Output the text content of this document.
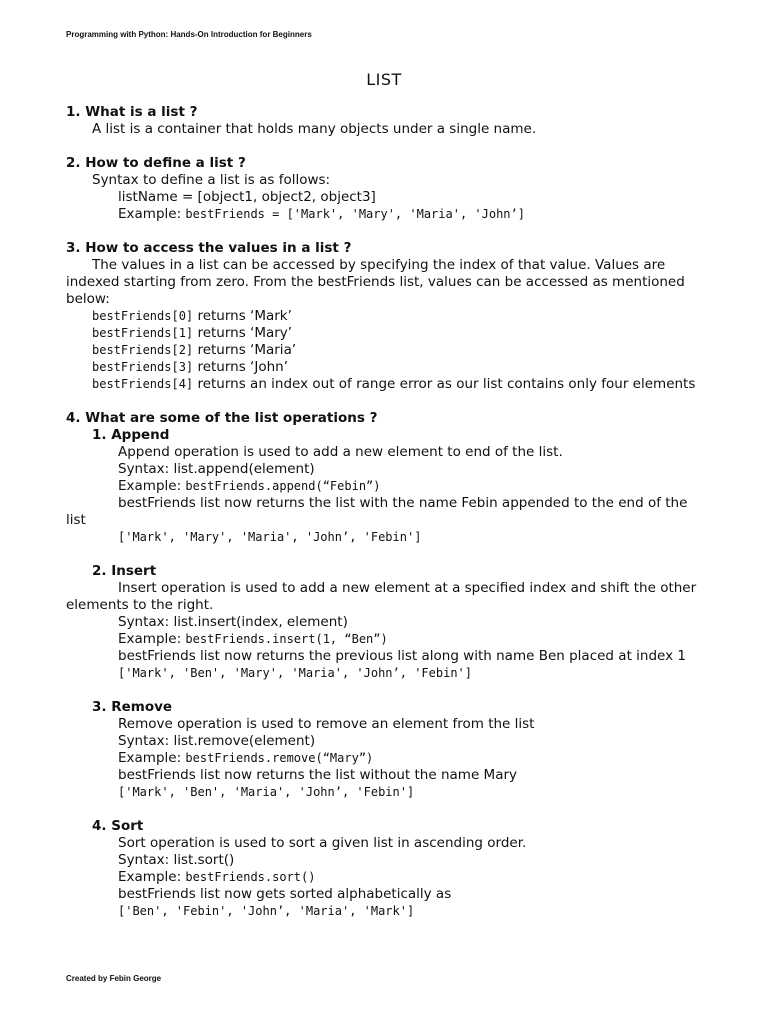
Programming with Python: Hands-On Introduction for Beginners
LIST
1. What is a list ?
A list is a container that holds many objects under a single name.
2. How to define a list ?
Syntax to define a list is as follows:
listName = [object1, object2, object3]
Example: bestFriends = ['Mark', 'Mary', 'Maria', 'John’]
3. How to access the values in a list ?
The values in a list can be accessed by specifying the index of that value. Values are indexed starting from zero. From the bestFriends list, values can be accessed as mentioned below:
bestFriends[0] returns ‘Mark’
bestFriends[1] returns ‘Mary’
bestFriends[2] returns ‘Maria’
bestFriends[3] returns ‘John’
bestFriends[4] returns an index out of range error as our list contains only four elements
4. What are some of the list operations ?
1. Append
Append operation is used to add a new element to end of the list.
Syntax: list.append(element)
Example: bestFriends.append(“Febin”)
bestFriends list now returns the list with the name Febin appended to the end of the list
['Mark', 'Mary', 'Maria', 'John’, 'Febin']
2. Insert
Insert operation is used to add a new element at a specified index and shift the other elements to the right.
Syntax: list.insert(index, element)
Example: bestFriends.insert(1, “Ben”)
bestFriends list now returns the previous list along with name Ben placed at index 1
['Mark', 'Ben', 'Mary', 'Maria', 'John’, 'Febin']
3. Remove
Remove operation is used to remove an element from the list
Syntax: list.remove(element)
Example: bestFriends.remove(“Mary”)
bestFriends list now returns the list without the name Mary
['Mark', 'Ben', 'Maria', 'John’, 'Febin']
4. Sort
Sort operation is used to sort a given list in ascending order.
Syntax: list.sort()
Example: bestFriends.sort()
bestFriends list now gets sorted alphabetically as
['Ben', 'Febin', 'John’, 'Maria', 'Mark']
Created by Febin George
